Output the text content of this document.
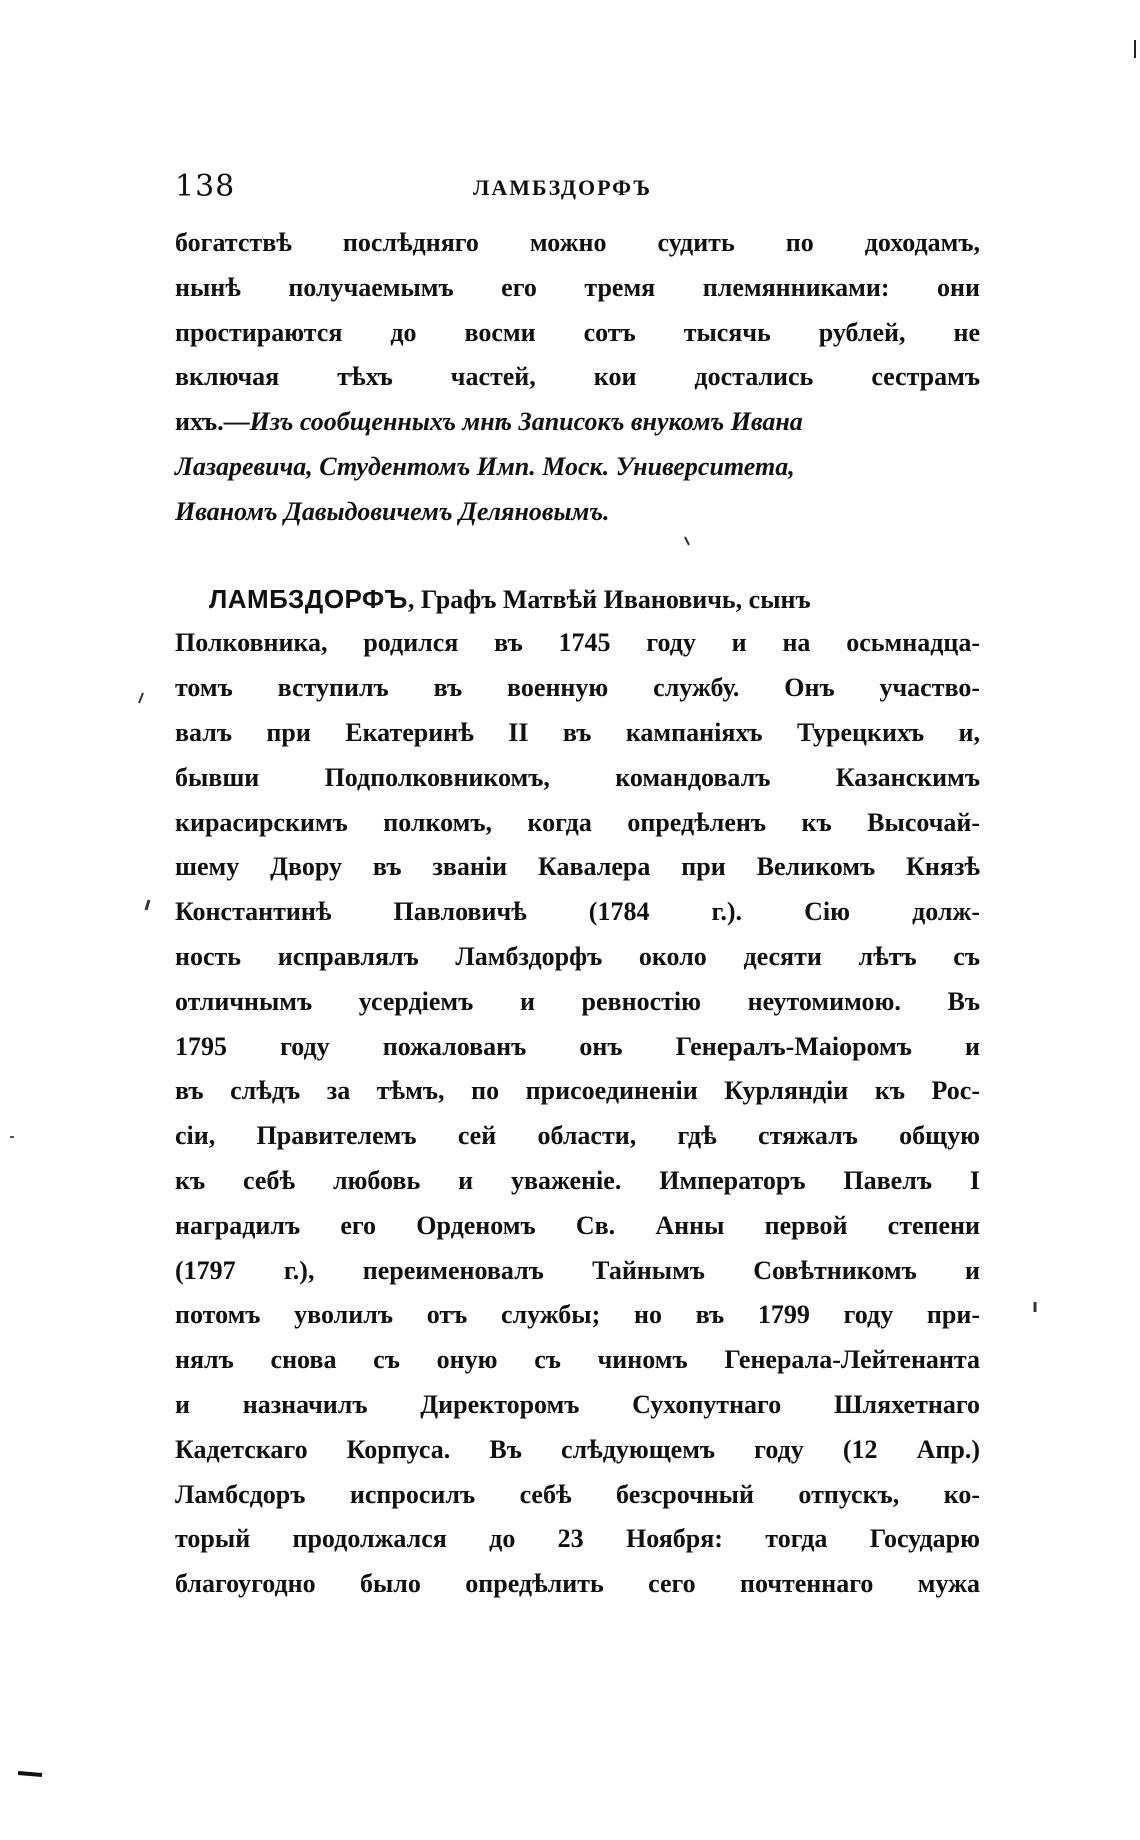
138	ЛАМБЗДОРФЪ
богатствѣ послѣдняго можно судить по доходамъ,
нынѣ получаемымъ его тремя племянниками: они
простираются до восми сотъ тысячь рублей, не
включая тѣхъ частей, кои достались сестрамъ
ихъ.—Изъ сообщенныхъ мнѣ Записокъ внукомъ Ивана
Лазаревича, Студентомъ Имп. Моск. Университета,
Иваномъ Давыдовичемъ Деляновымъ.
ЛАМБЗДОРФЪ, Графъ Матвѣй Ивановичь, сынъ
Полковника, родился въ 1745 году и на осьмнадца-
томъ вступилъ въ военную службу. Онъ участво-
валъ при Екатеринѣ II въ кампаніяхъ Турецкихъ и,
бывши Подполковникомъ, командовалъ Казанскимъ
кирасирскимъ полкомъ, когда опредѣленъ къ Высочай-
шему Двору въ званіи Кавалера при Великомъ Князѣ
Константинѣ Павловичѣ (1784 г.). Сію долж-
ность исправлялъ Ламбздорфъ около десяти лѣтъ съ
отличнымъ усердіемъ и ревностію неутомимою. Въ
1795 году пожалованъ онъ Генералъ-Маіоромъ и
въ слѣдъ за тѣмъ, по присоединеніи Курляндіи къ Рос-
сіи, Правителемъ сей области, гдѣ стяжалъ общую
къ себѣ любовь и уваженіе. Императоръ Павелъ I
наградилъ его Орденомъ Св. Анны первой степени
(1797 г.), переименовалъ Тайнымъ Совѣтникомъ и
потомъ уволилъ отъ службы; но въ 1799 году при-
нялъ снова съ оную съ чиномъ Генерала-Лейтенанта
и назначилъ Директоромъ Сухопутнаго Шляхетнаго
Кадетскаго Корпуса. Въ слѣдующемъ году (12 Апр.)
Ламбсдоръ испросилъ себѣ безсрочный отпускъ, ко-
торый продолжался до 23 Ноября: тогда Государю
благоугодно было опредѣлить сего почтеннаго мужа
